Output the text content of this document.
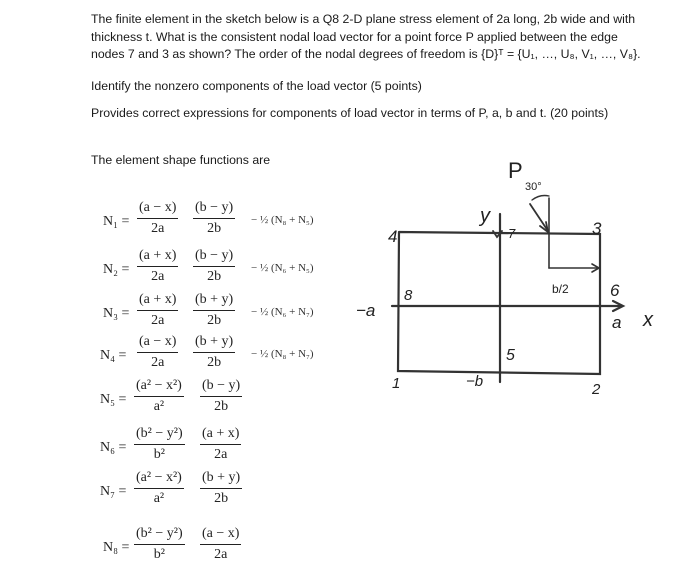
The finite element in the sketch below is a Q8 2-D plane stress element of 2a long, 2b wide and with
thickness t. What is the consistent nodal load vector for a point force P applied between the edge
nodes 7 and 3 as shown? The order of the nodal degrees of freedom is {D}ᵀ = {U₁, …, U₈, V₁, …, V₈}.

Identify the nonzero components of the load vector (5 points)

Provides correct expressions for components of load vector in terms of P, a, b and t. (20 points)

The element shape functions are

$N_1 = \frac{(a - x)}{2a} \frac{(b - y)}{2b}$ − ½ (N₈ + N₅)
$N_2 = \frac{(a + x)}{2a} \frac{(b - y)}{2b}$ − ½ (N₆ + N₅)
$N_3 = \frac{(a + x)}{2a} \frac{(b + y)}{2b}$ − ½ (N₆ + N₇)
$N_4 = \frac{(a - x)}{2a} \frac{(b + y)}{2b}$ − ½ (N₈ + N₇)
$N_5 = \frac{\text{(a² − x²)}}{\text{a²}} \frac{(b - y)}{2b}$
$N_6 = \frac{\text{(b² − y²)}}{\text{b²}} \frac{(a + x)}{2a}$
$N_7 = \frac{\text{(a² − x²)}}{\text{a²}} \frac{(b + y)}{2b}$
$N_8 = \frac{\text{(b² − y²)}}{\text{b²}} \frac{(a - x)}{2a}$
P
30°
b/2
y
x
a
−a
−b
1	2
3
4
5
6
7
8
